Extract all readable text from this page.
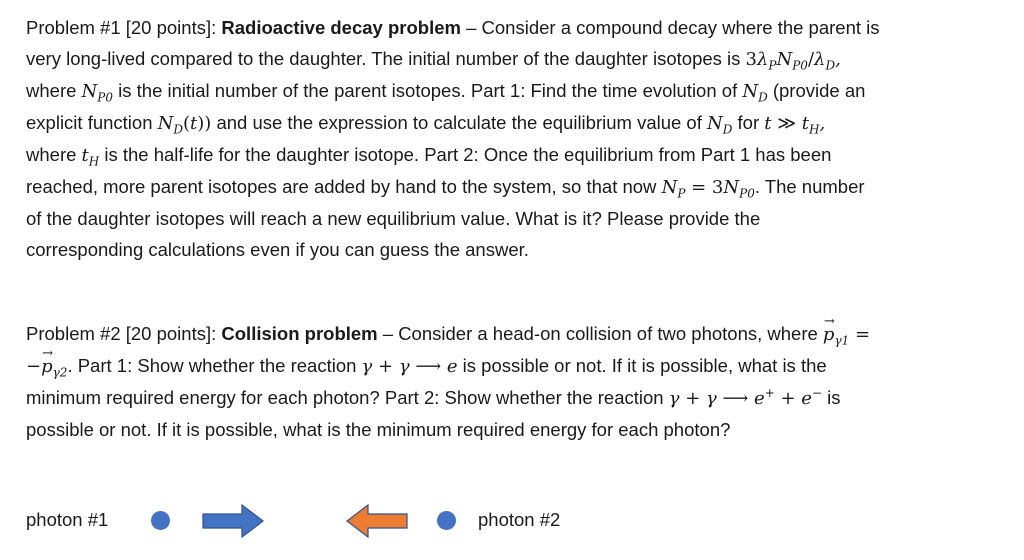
Problem #1 [20 points]: Radioactive decay problem – Consider a compound decay where the parent is
very long-lived compared to the daughter. The initial number of the daughter isotopes is $3\lambda_PN_{P0}/\lambda_D$,
where $N_{P0}$ is the initial number of the parent isotopes. Part 1: Find the time evolution of $N_D$ (provide an
explicit function $N_D(t)$) and use the expression to calculate the equilibrium value of $N_D$ for t ≫ $t_H$,
where $t_H$ is the half-life for the daughter isotope. Part 2: Once the equilibrium from Part 1 has been
reached, more parent isotopes are added by hand to the system, so that now $N_P = 3N_{P0}$. The number
of the daughter isotopes will reach a new equilibrium value. What is it? Please provide the
corresponding calculations even if you can guess the answer.
Problem #2 [20 points]: Collision problem – Consider a head-on collision of two photons, where → $p_{\gamma 1}$ =
−→ $p_{\gamma 2}$. Part 1: Show whether the reaction γ + γ ⟶ e is possible or not. If it is possible, what is the
minimum required energy for each photon? Part 2: Show whether the reaction γ + γ ⟶ e+ + e− is
possible or not. If it is possible, what is the minimum required energy for each photon?
photon #1	photon #2
